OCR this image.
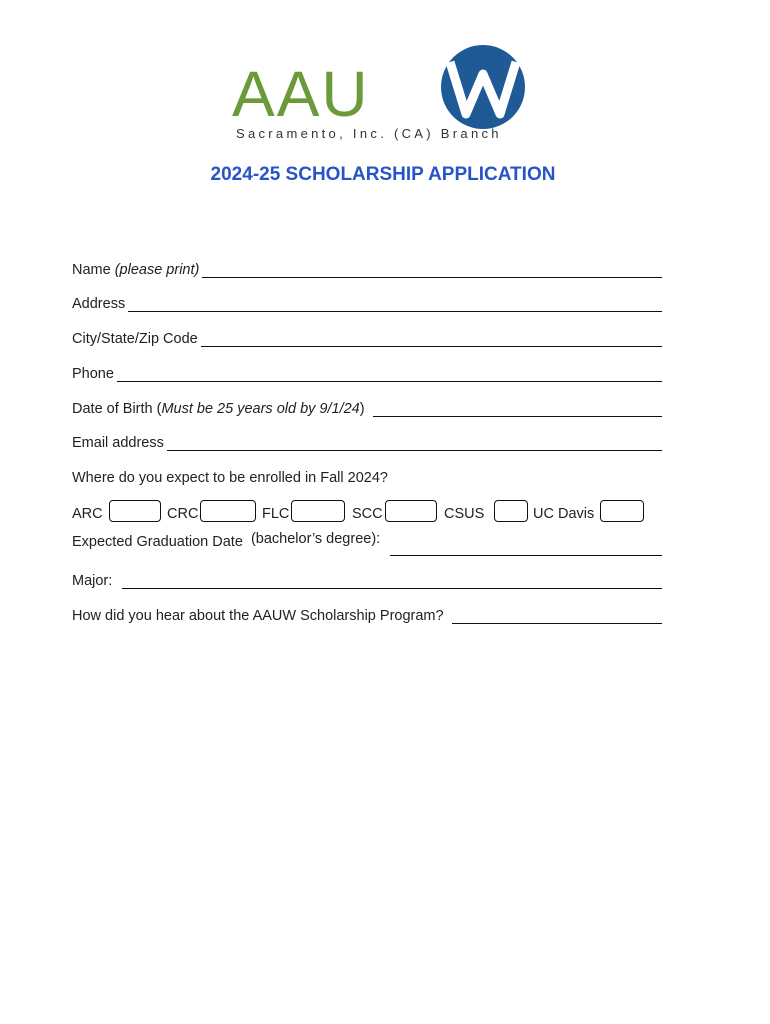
AAU
Sacramento, Inc. (CA) Branch
2024-25 SCHOLARSHIP APPLICATION
Name (please print)
Address
City/State/Zip Code
Phone
Date of Birth (Must be 25 years old by 9/1/24)
Email address
Where do you expect to be enrolled in Fall 2024?
ARC	CRC	FLC	SCC	CSUS	UC Davis
Expected Graduation Date (bachelor’s degree):
Major:
How did you hear about the AAUW Scholarship Program?
